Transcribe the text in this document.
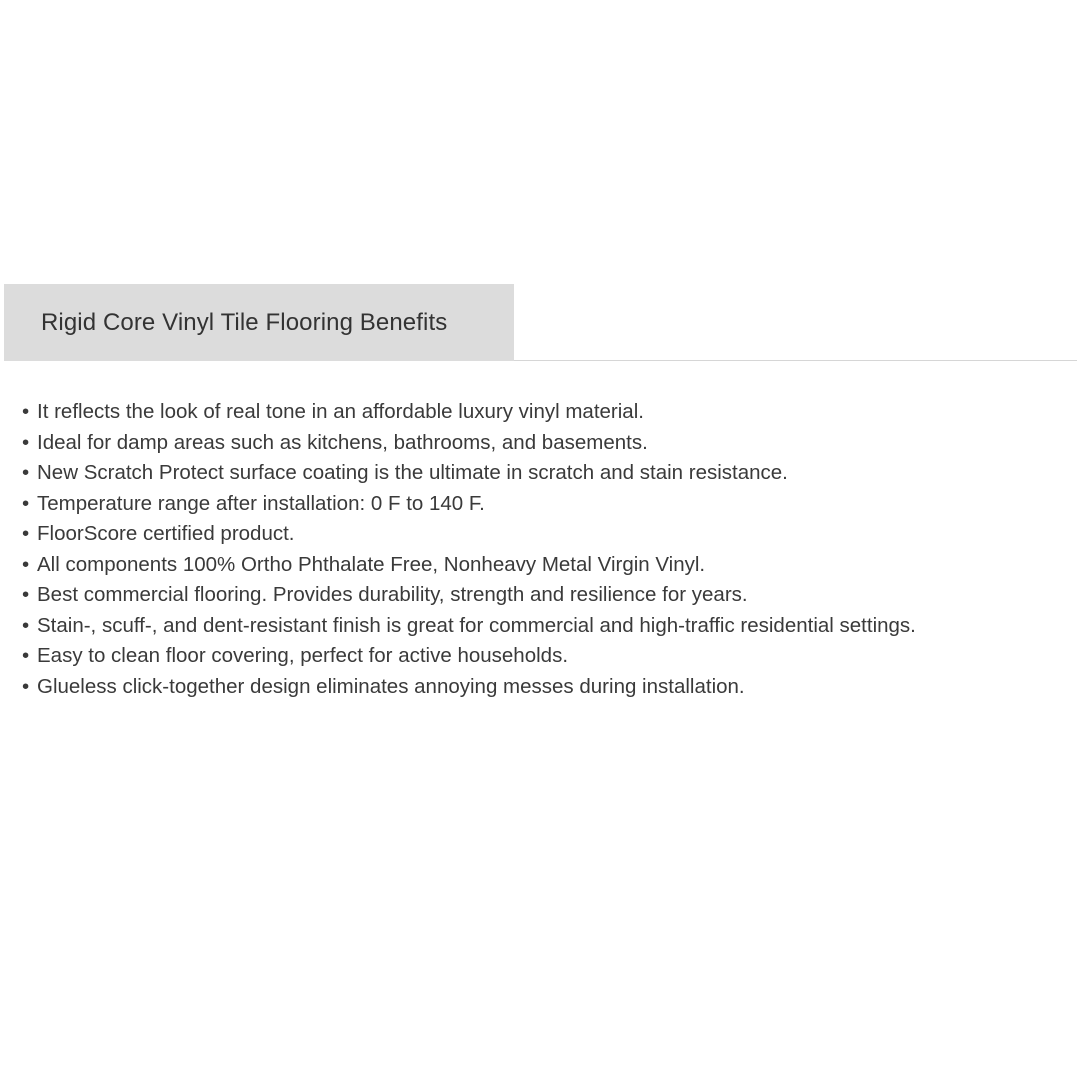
Rigid Core Vinyl Tile Flooring Benefits
• It reflects the look of real tone in an affordable luxury vinyl material.
• Ideal for damp areas such as kitchens, bathrooms, and basements.
• New Scratch Protect surface coating is the ultimate in scratch and stain resistance.
• Temperature range after installation: 0 F to 140 F.
• FloorScore certified product.
• All components 100% Ortho Phthalate Free, Nonheavy Metal Virgin Vinyl.
• Best commercial flooring. Provides durability, strength and resilience for years.
• Stain-, scuff-, and dent-resistant finish is great for commercial and high-traffic residential settings.
• Easy to clean floor covering, perfect for active households.
• Glueless click-together design eliminates annoying messes during installation.
